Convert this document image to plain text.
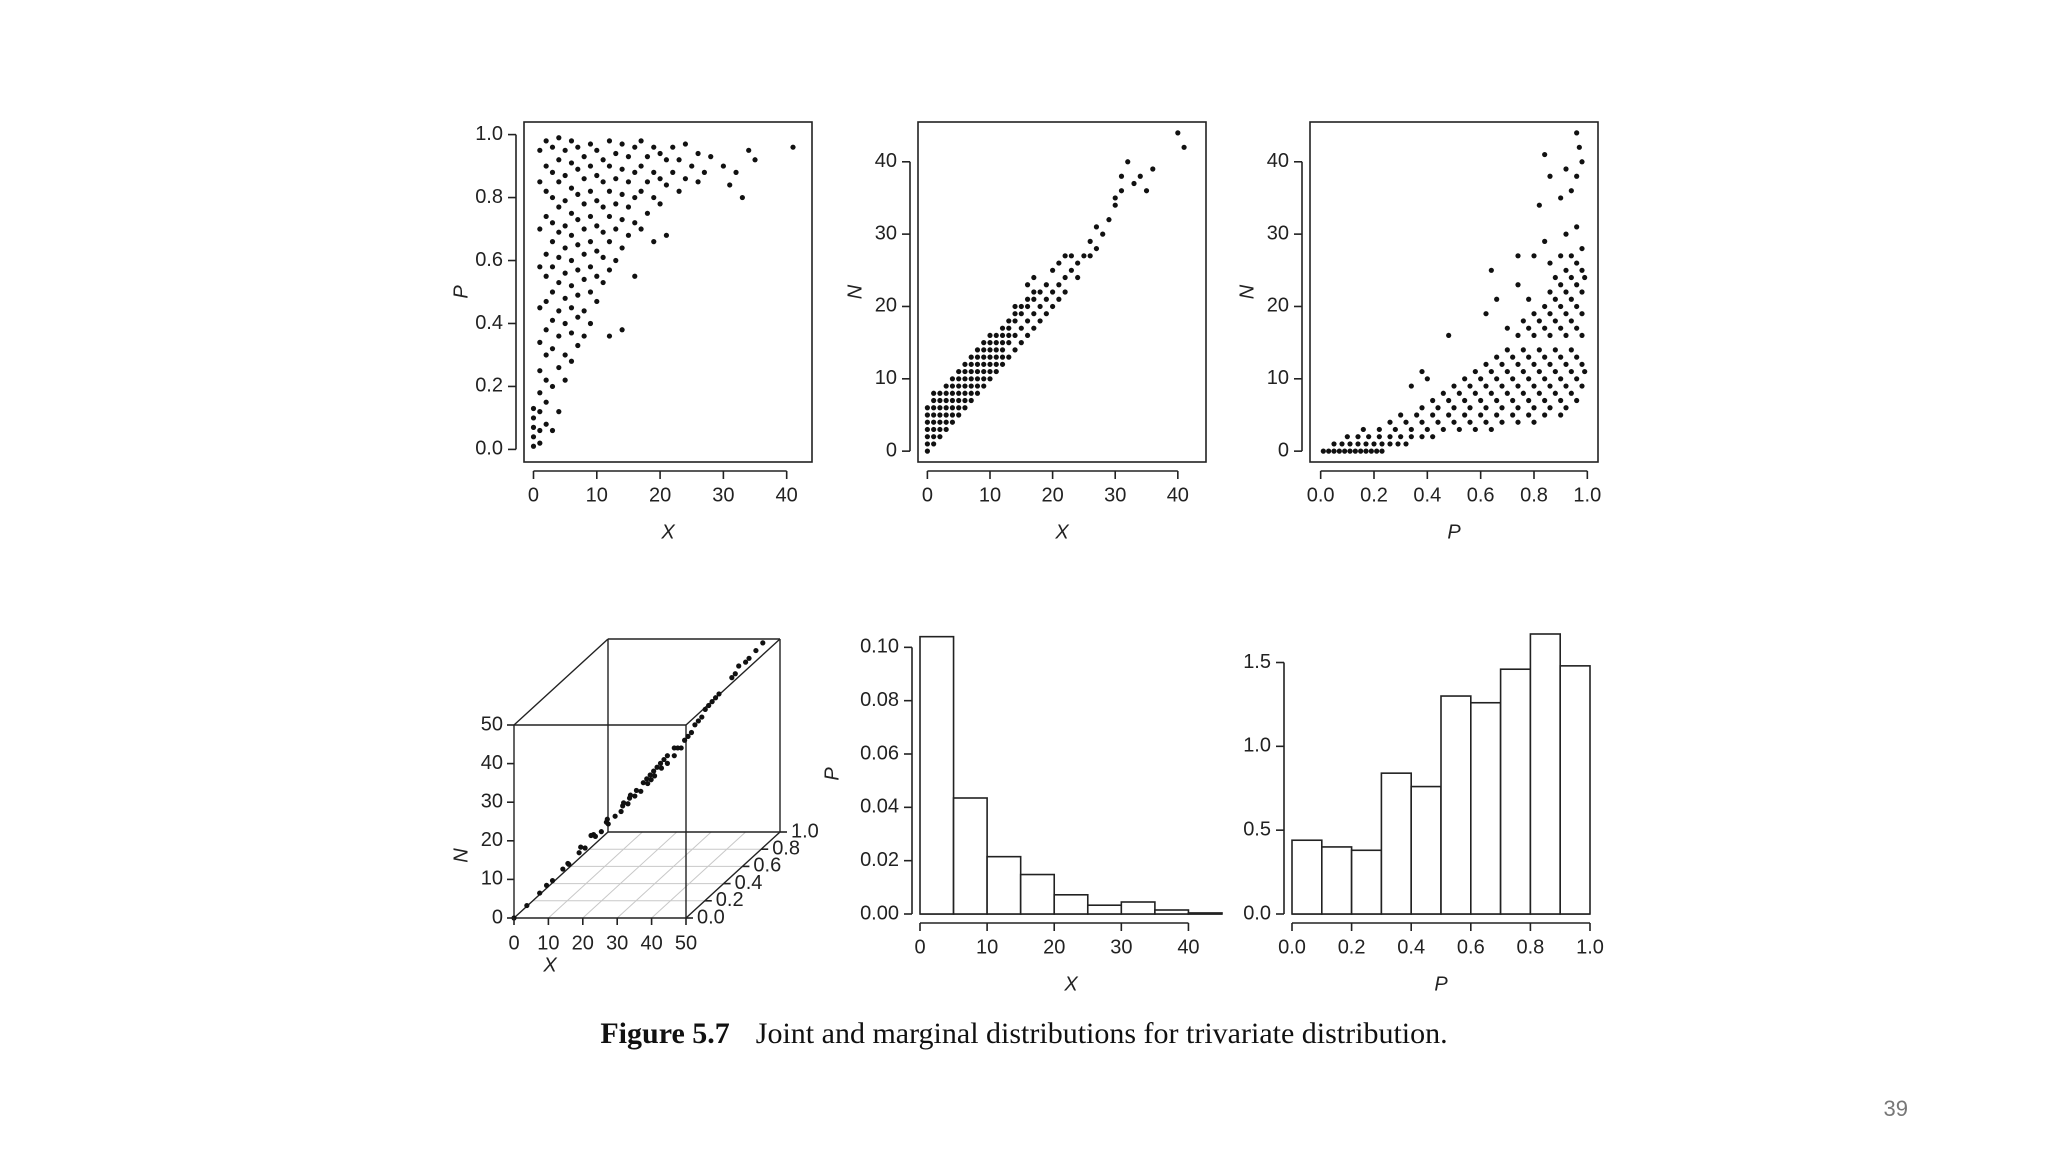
0 10 20 30 40
0.0
0.2
0.4
0.6
0.8
1.0
X
P
0 10 20 30 40
0
10
20
30
40
X
N
0.0 0.2 0.4 0.6 0.8 1.0
0
10
20
30
40
P
N
0	10 20 30 40
0.00
0.02
0.04
0.06
0.08
0.10
X
P
0.0 0.2 0.4 0.6 0.8 1.0
0.0
0.5
1.0
1.5
P
0 10 20 30 40 50
0
10
20
30
40
50
0.0
0.2
0.4
0.6
0.8
1.0
X
N
Figure 5.7 Joint and marginal distributions for trivariate distribution.
39
